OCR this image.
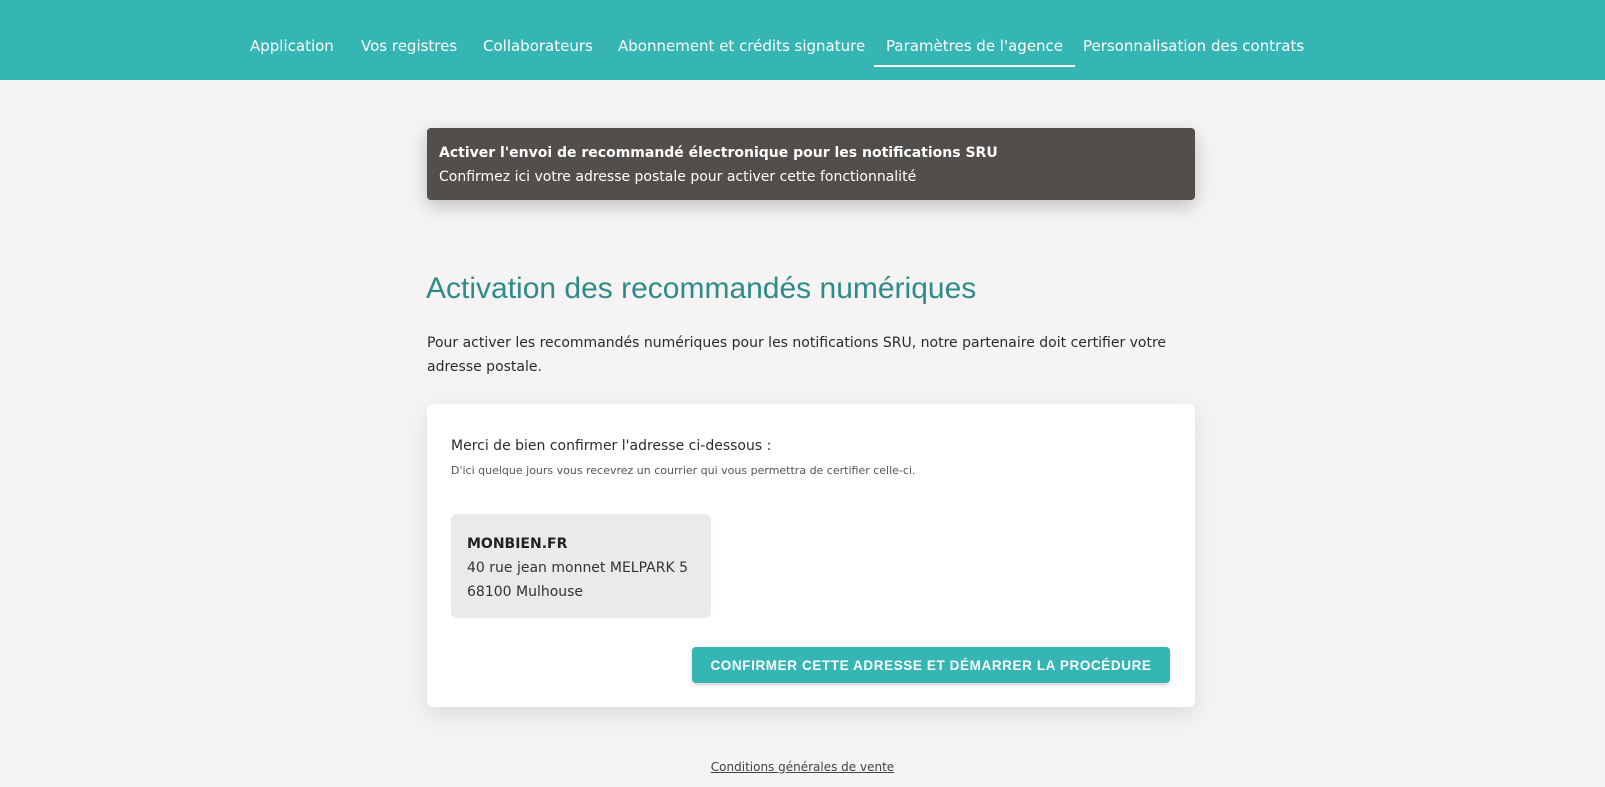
Application Vos registres Collaborateurs Abonnement et crédits signature Paramètres de l'agence Personnalisation des contrats
Activer l'envoi de recommandé électronique pour les notifications SRU
Confirmez ici votre adresse postale pour activer cette fonctionnalité
Activation des recommandés numériques

Pour activer les recommandés numériques pour les notifications SRU, notre partenaire doit certifier votre adresse postale.

Merci de bien confirmer l'adresse ci-dessous :
D'ici quelque jours vous recevrez un courrier qui vous permettra de certifier celle-ci.
MONBIEN.FR
40 rue jean monnet MELPARK 5
68100 Mulhouse
CONFIRMER CETTE ADRESSE ET DÉMARRER LA PROCÉDURE
Conditions générales de vente
